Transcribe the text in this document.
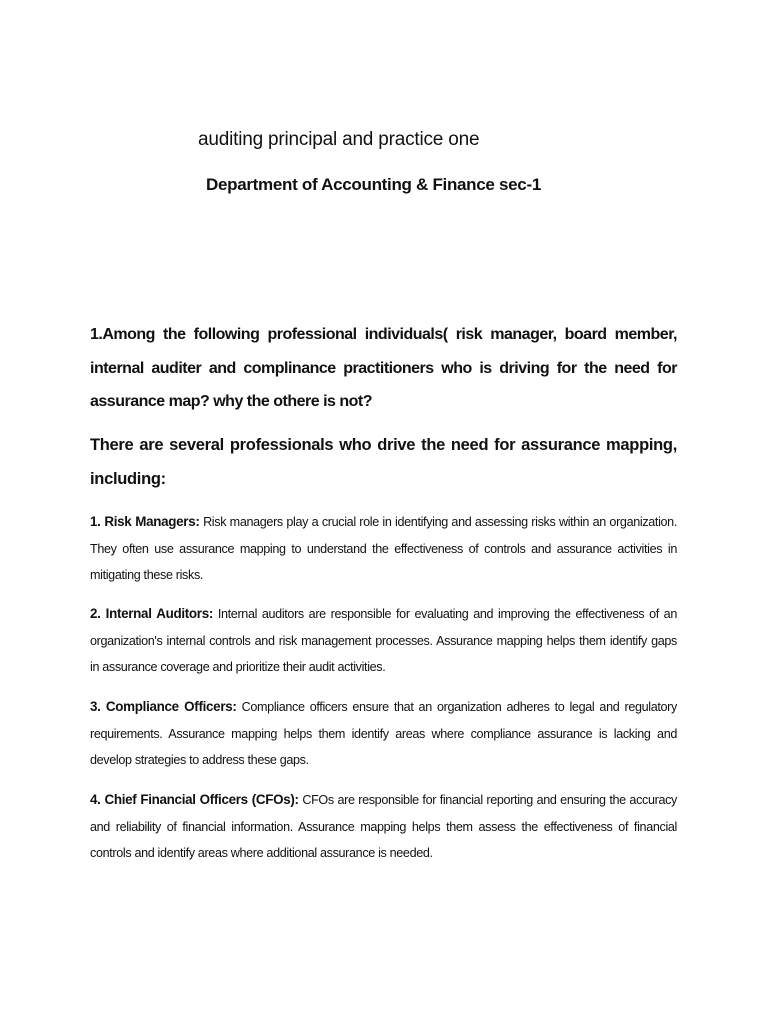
auditing principal and practice one
Department of Accounting & Finance sec-1

1.Among the following professional individuals( risk manager, board member, internal auditer and complinance practitioners who is driving for the need for assurance map? why the othere is not?

There are several professionals who drive the need for assurance mapping, including:

1. Risk Managers: Risk managers play a crucial role in identifying and assessing risks within an organization. They often use assurance mapping to understand the effectiveness of controls and assurance activities in mitigating these risks.

2. Internal Auditors: Internal auditors are responsible for evaluating and improving the effectiveness of an organization's internal controls and risk management processes. Assurance mapping helps them identify gaps in assurance coverage and prioritize their audit activities.

3. Compliance Officers: Compliance officers ensure that an organization adheres to legal and regulatory requirements. Assurance mapping helps them identify areas where compliance assurance is lacking and develop strategies to address these gaps.

4. Chief Financial Officers (CFOs): CFOs are responsible for financial reporting and ensuring the accuracy and reliability of financial information. Assurance mapping helps them assess the effectiveness of financial controls and identify areas where additional assurance is needed.
